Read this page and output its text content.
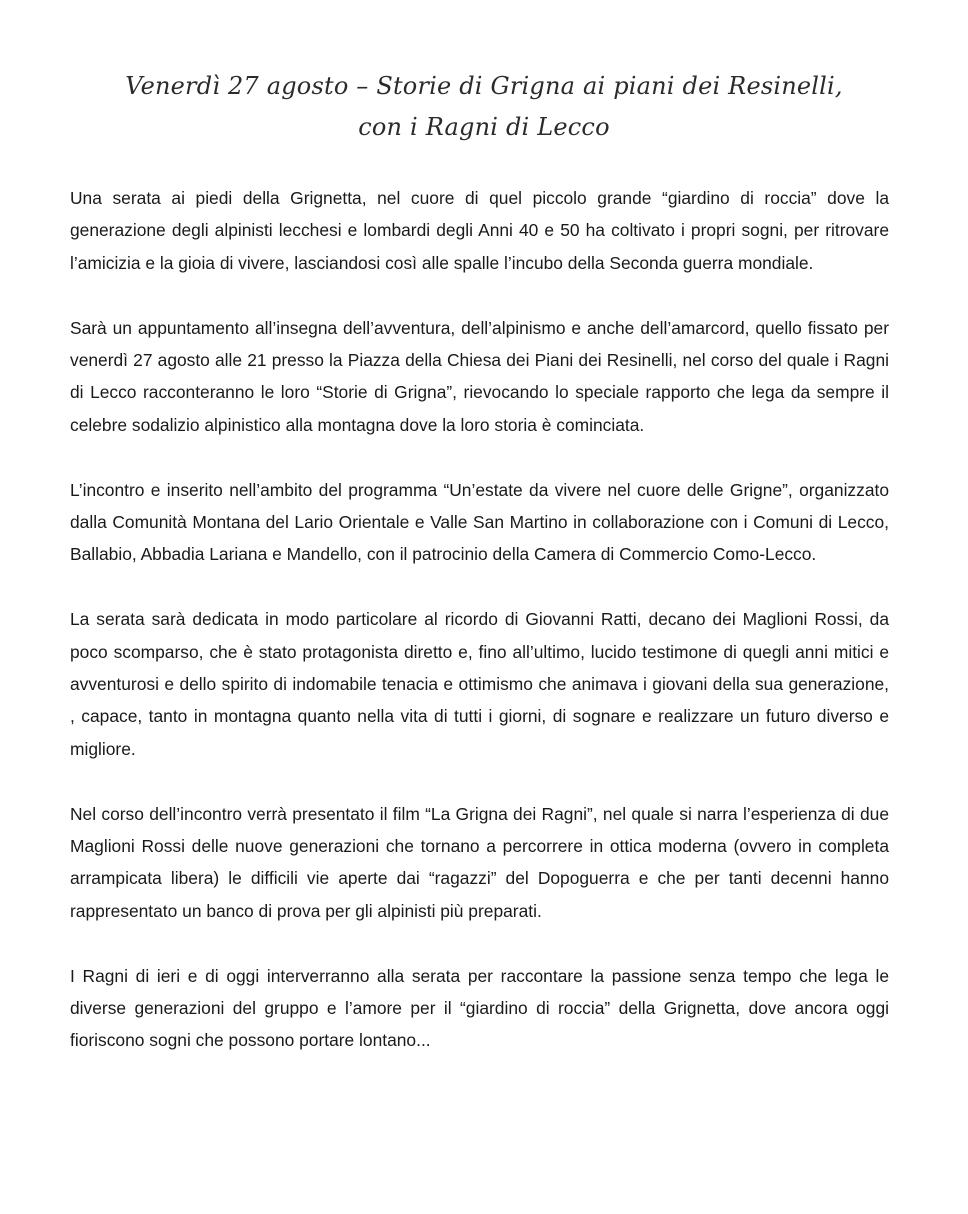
Venerdì 27 agosto – Storie di Grigna ai piani dei Resinelli,
con i Ragni di Lecco

Una serata ai piedi della Grignetta, nel cuore di quel piccolo grande “giardino di roccia” dove la generazione degli alpinisti lecchesi e lombardi degli Anni 40 e 50 ha coltivato i propri sogni, per ritrovare l’amicizia e la gioia di vivere, lasciandosi così alle spalle l’incubo della Seconda guerra mondiale.

Sarà un appuntamento all’insegna dell’avventura, dell’alpinismo e anche dell’amarcord, quello fissato per venerdì 27 agosto alle 21 presso la Piazza della Chiesa dei Piani dei Resinelli, nel corso del quale i Ragni di Lecco racconteranno le loro “Storie di Grigna”, rievocando lo speciale rapporto che lega da sempre il celebre sodalizio alpinistico alla montagna dove la loro storia è cominciata.

L’incontro e inserito nell’ambito del programma “Un’estate da vivere nel cuore delle Grigne”, organizzato dalla Comunità Montana del Lario Orientale e Valle San Martino in collaborazione con i Comuni di Lecco, Ballabio, Abbadia Lariana e Mandello, con il patrocinio della Camera di Commercio Como-Lecco.

La serata sarà dedicata in modo particolare al ricordo di Giovanni Ratti, decano dei Maglioni Rossi, da poco scomparso, che è stato protagonista diretto e, fino all’ultimo, lucido testimone di quegli anni mitici e avventurosi e dello spirito di indomabile tenacia e ottimismo che animava i giovani della sua generazione, , capace, tanto in montagna quanto nella vita di tutti i giorni, di sognare e realizzare un futuro diverso e migliore.

Nel corso dell’incontro verrà presentato il film “La Grigna dei Ragni”, nel quale si narra l’esperienza di due Maglioni Rossi delle nuove generazioni che tornano a percorrere in ottica moderna (ovvero in completa arrampicata libera) le difficili vie aperte dai “ragazzi” del Dopoguerra e che per tanti decenni hanno rappresentato un banco di prova per gli alpinisti più preparati.

I Ragni di ieri e di oggi interverranno alla serata per raccontare la passione senza tempo che lega le diverse generazioni del gruppo e l’amore per il “giardino di roccia” della Grignetta, dove ancora oggi fioriscono sogni che possono portare lontano...
